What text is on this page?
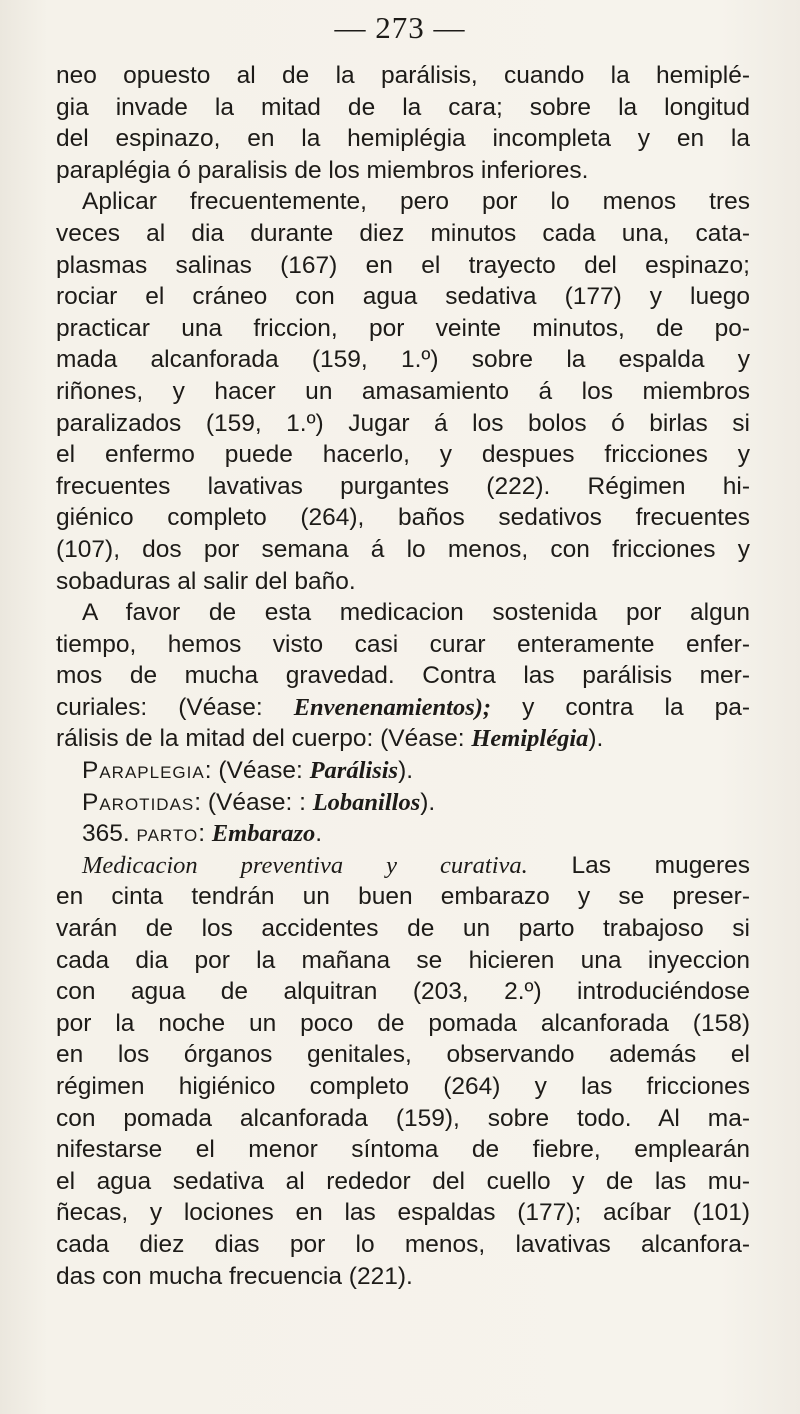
— 273 —
neo opuesto al de la parálisis, cuando la hemiplé-
gia invade la mitad de la cara; sobre la longitud
del espinazo, en la hemiplégia incompleta y en la
paraplégia ó paralisis de los miembros inferiores.
Aplicar frecuentemente, pero por lo menos tres
veces al dia durante diez minutos cada una, cata-
plasmas salinas (167) en el trayecto del espinazo;
rociar el cráneo con agua sedativa (177) y luego
practicar una friccion, por veinte minutos, de po-
mada alcanforada (159, 1.º) sobre la espalda y
riñones, y hacer un amasamiento á los miembros
paralizados (159, 1.º) Jugar á los bolos ó birlas si
el enfermo puede hacerlo, y despues fricciones y
frecuentes lavativas purgantes (222). Régimen hi-
giénico completo (264), baños sedativos frecuentes
(107), dos por semana á lo menos, con fricciones y
sobaduras al salir del baño.
A favor de esta medicacion sostenida por algun
tiempo, hemos visto casi curar enteramente enfer-
mos de mucha gravedad. Contra las parálisis mer-
curiales: (Véase: Envenenamientos); y contra la pa-
rálisis de la mitad del cuerpo: (Véase: Hemiplégia).
Paraplegia: (Véase: Parálisis).
Parotidas: (Véase: : Lobanillos).
365. parto: Embarazo.
Medicacion preventiva y curativa. Las mugeres
en cinta tendrán un buen embarazo y se preser-
varán de los accidentes de un parto trabajoso si
cada dia por la mañana se hicieren una inyeccion
con agua de alquitran (203, 2.º) introduciéndose
por la noche un poco de pomada alcanforada (158)
en los órganos genitales, observando además el
régimen higiénico completo (264) y las fricciones
con pomada alcanforada (159), sobre todo. Al ma-
nifestarse el menor síntoma de fiebre, emplearán
el agua sedativa al rededor del cuello y de las mu-
ñecas, y lociones en las espaldas (177); acíbar (101)
cada diez dias por lo menos, lavativas alcanfora-
das con mucha frecuencia (221).
